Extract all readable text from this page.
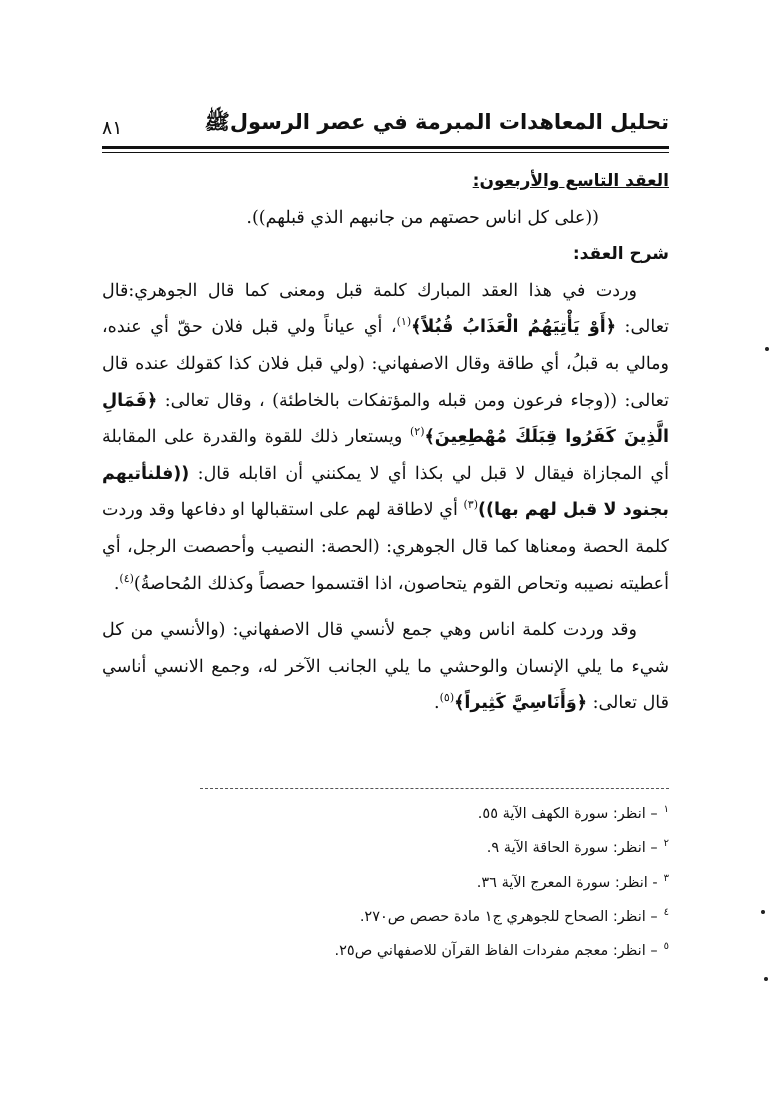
تحليل المعاهدات المبرمة في عصر الرسولﷺ
٨١

العقد التاسع والأربعون:

((على كل اناس حصتهم من جانبهم الذي قبلهم)).

شرح العقد:

وردت في هذا العقد المبارك كلمة قبل ومعنى كما قال الجوهري:قال تعالى: ﴿أَوْ يَأْتِيَهُمُ الْعَذَابُ قُبُلاً﴾$^{(١)}$، أي عياناً ولي قبل فلان حقّ أي عنده، ومالي به قبلُ، أي طاقة وقال الاصفهاني: (ولي قبل فلان كذا كقولك عنده قال تعالى: ((وجاء فرعون ومن قبله والمؤتفكات بالخاطئة) ، وقال تعالى: ﴿فَمَالِ الَّذِينَ كَفَرُوا قِبَلَكَ مُهْطِعِينَ﴾$^{(٢)}$ ويستعار ذلك للقوة والقدرة على المقابلة أي المجازاة فيقال لا قبل لي بكذا أي لا يمكنني أن اقابله قال: ((فلنأتيهم بجنود لا قبل لهم بها))$^{(٣)}$ أي لاطاقة لهم على استقبالها او دفاعها وقد وردت كلمة الحصة ومعناها كما قال الجوهري: (الحصة: النصيب وأحصصت الرجل، أي أعطيته نصيبه وتحاص القوم يتحاصون، اذا اقتسموا حصصاً وكذلك المُحاصةُ)$^{(٤)}$.

وقد وردت كلمة اناس وهي جمع لأنسي قال الاصفهاني: (والأنسي من كل شيء ما يلي الإنسان والوحشي ما يلي الجانب الآخر له، وجمع الانسي أناسي قال تعالى: ﴿وَأَنَاسِيَّ كَثِيراً﴾$^{(٥)}$.

$^١$– انظر: سورة الكهف الآية ٥٥.

$^٢$– انظر: سورة الحاقة الآية ٩.

$^٣$- انظر: سورة المعرج الآية ٣٦.

$^٤$– انظر: الصحاح للجوهري ج١ مادة حصص ص٢٧٠.

$^٥$– انظر: معجم مفردات الفاظ القرآن للاصفهاني ص٢٥.
